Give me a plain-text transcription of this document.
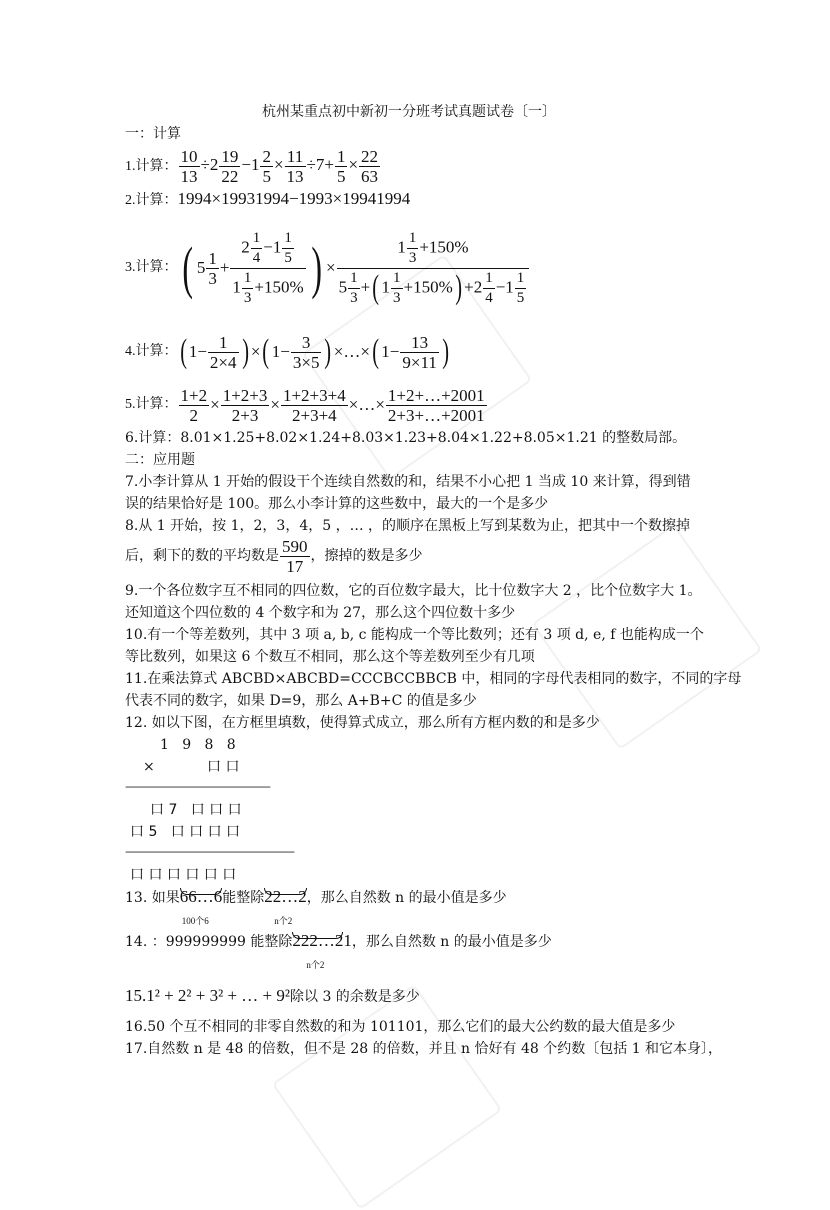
杭州某重点初中新初一分班考试真题试卷〔一〕
一：计算
1.计算： $\frac{10}{13} \div 2 \frac{19}{22} -1 \frac{2}{5} \times \frac{11}{13} \div 7+ \frac{1}{5} \times \frac{22}{63}$
2.计算：1994×19931994−1993×19941994
3.计算： ( $5 \frac{1}{3} + \frac{2 \frac{1}{4} -1 \frac{1}{5}}{1 \frac{1}{3} +150\%}$ ) × $\frac{1 \frac{1}{3} +150\%}{5 \frac{1}{3} +( 1 \frac{1}{3} +150\%) +2 \frac{1}{4} -1 \frac{1}{5}}$
4.计算： ( $1 - \frac{1}{2\times 4}$ ) × ( $1 - \frac{3}{3\times 5}$ ) ×…× ( $1 - \frac{13}{9\times 11}$ )
5.计算： $\frac{1+2}{2} \times \frac{1+2+3}{2+3} \times \frac{1+2+3+4}{2+3+4}$ ×…× $\frac{1+2+\dots+2001}{2+3+\dots+2001}$
6.计算：8.01×1.25+8.02×1.24+8.03×1.23+8.04×1.22+8.05×1.21 的整数局部。
二：应用题
7.小李计算从 1 开始的假设干个连续自然数的和，结果不小心把 1 当成 10 来计算，得到错
误的结果恰好是 100。那么小李计算的这些数中，最大的一个是多少
8.从 1 开始，按 1，2，3，4，5 ，… ，的顺序在黑板上写到某数为止，把其中一个数擦掉
后，剩下的数的平均数是 $\frac{590}{17}$ ，擦掉的数是多少
9.一个各位数字互不相同的四位数，它的百位数字最大，比十位数字大 2 ，比个位数字大 1。
还知道这个四位数的 4 个数字和为 27，那么这个四位数十多少
10.有一个等差数列，其中 3 项 a, b, c 能构成一个等比数列；还有 3 项 d, e, f 也能构成一个
等比数列，如果这 6 个数互不相同，那么这个等差数列至少有几项
11.在乘法算式 ABCBD×ABCBD=CCCBCCBBCB 中，相同的字母代表相同的数字，不同的字母
代表不同的数字，如果 D=9，那么 A+B+C 的值是多少
12. 如以下图，在方框里填数，使得算式成立，那么所有方框内数的和是多少
1   9   8   8
×	口 口
————————————
口 7   口 口 口
口 5   口 口 口 口
——————————————
口 口 口 口 口 口
13. 如果66…6
100个6
能整除22…2
n个2
，那么自然数 n 的最小值是多少
14. ：999999999 能整除222…2
n个2
1，那么自然数 n 的最小值是多少
15.1² + 2² + 3² + … + 9²除以 3 的余数是多少
16.50 个互不相同的非零自然数的和为 101101，那么它们的最大公约数的最大值是多少
17.自然数 n 是 48 的倍数，但不是 28 的倍数，并且 n 恰好有 48 个约数〔包括 1 和它本身〕，
